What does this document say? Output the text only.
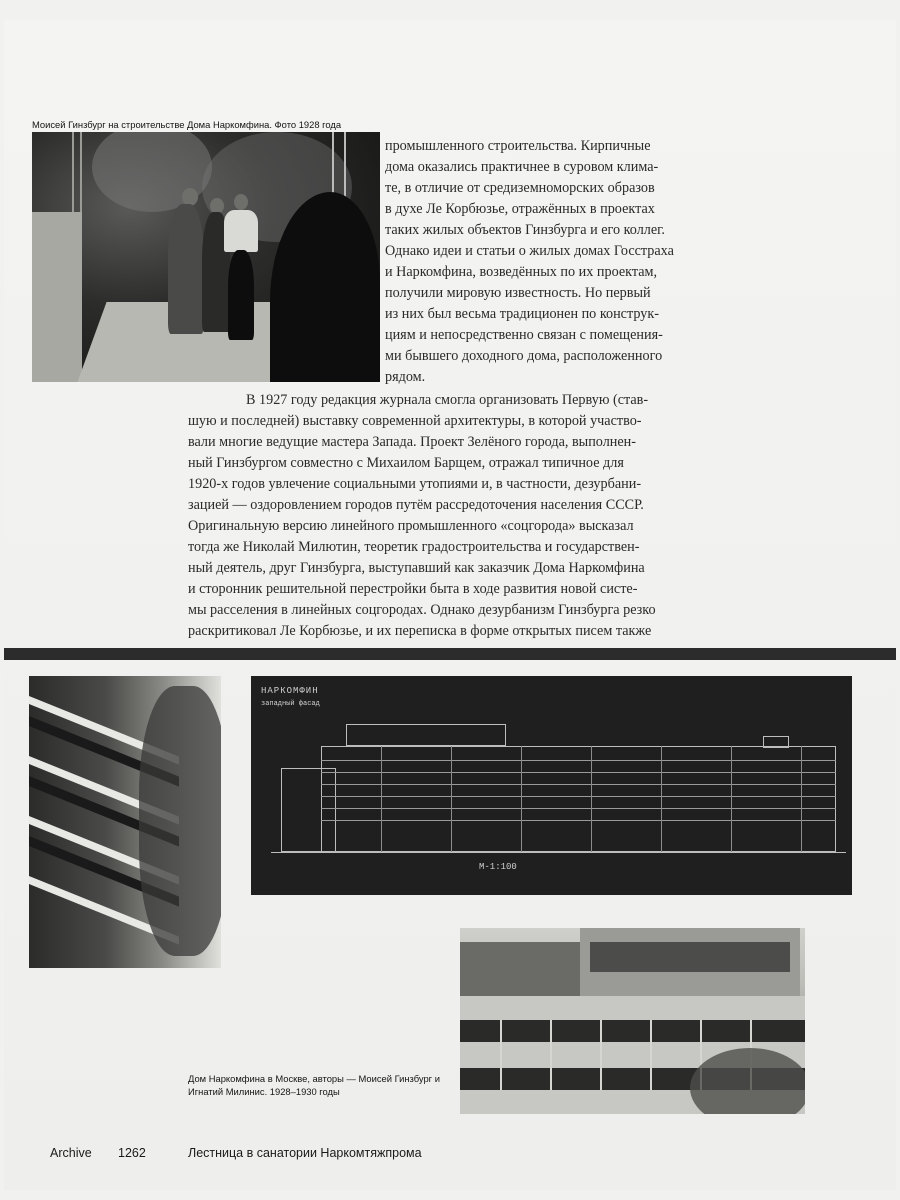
Моисей Гинзбург на строительстве Дома Наркомфина. Фото 1928 года
промышленного строительства. Кирпичные
дома оказались практичнее в суровом клима-
те, в отличие от средиземноморских образов
в духе Ле Корбюзье, отражённых в проектах
таких жилых объектов Гинзбурга и его коллег.
Однако идеи и статьи о жилых домах Госстраха
и Наркомфина, возведённых по их проектам,
получили мировую известность. Но первый
из них был весьма традиционен по конструк-
циям и непосредственно связан с помещения-
ми бывшего доходного дома, расположенного
рядом.
В 1927 году редакция журнала смогла организовать Первую (став-
шую и последней) выставку современной архитектуры, в которой участво-
вали многие ведущие мастера Запада. Проект Зелёного города, выполнен-
ный Гинзбургом совместно с Михаилом Барщем, отражал типичное для
1920-х годов увлечение социальными утопиями и, в частности, дезурбани-
зацией — оздоровлением городов путём рассредоточения населения СССР.
Оригинальную версию линейного промышленного «соцгорода» высказал
тогда же Николай Милютин, теоретик градостроительства и государствен-
ный деятель, друг Гинзбурга, выступавший как заказчик Дома Наркомфина
и сторонник решительной перестройки быта в ходе развития новой систе-
мы расселения в линейных соцгородах. Однако дезурбанизм Гинзбурга резко
раскритиковал Ле Корбюзье, и их переписка в форме открытых писем также
НАРКОМФИН
западный фасад
М-1:100
Дом Наркомфина в Москве, авторы — Моисей Гинзбург и Игнатий Милинис. 1928–1930 годы
Archive 1262	Лестница в санатории Наркомтяжпрома
